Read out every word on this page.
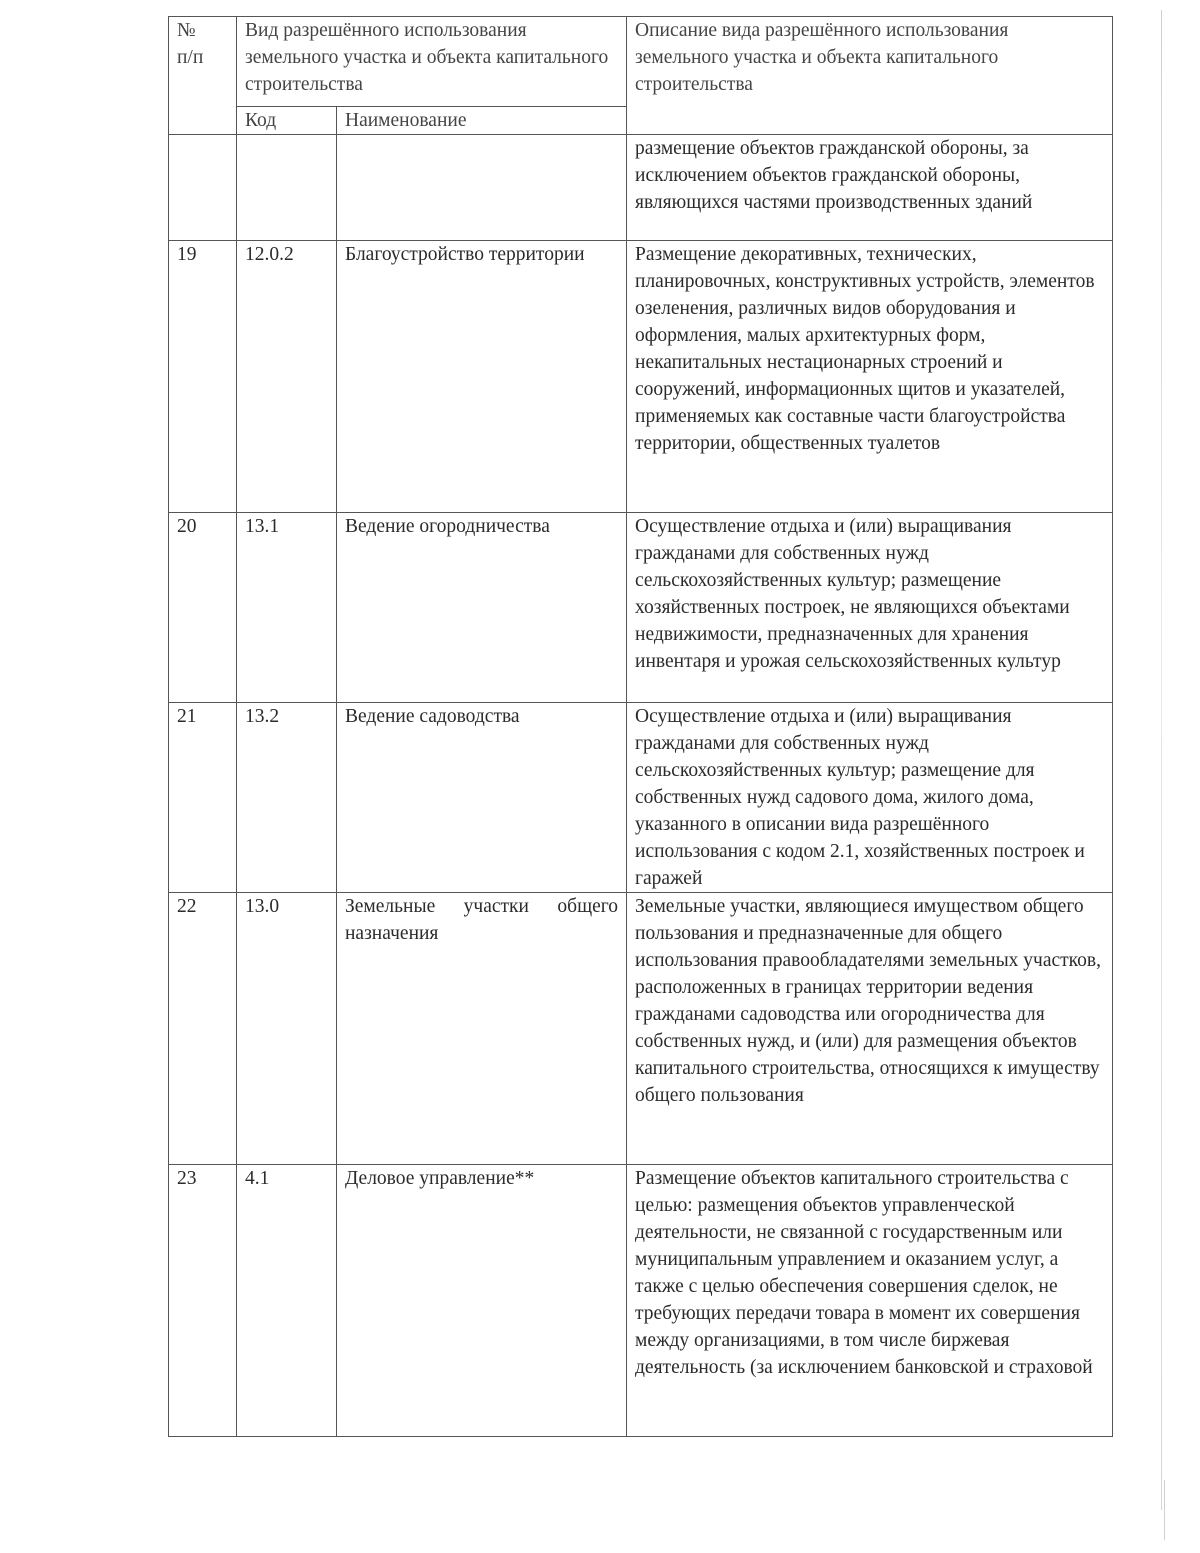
№
п/п	Вид разрешённого использования земельного участка и объекта капитального строительства		Описание вида разрешённого использования земельного участка и объекта капитального строительства
	Код	Наименование	
			размещение объектов гражданской обороны, за исключением объектов гражданской обороны, являющихся частями производственных зданий
19	12.0.2	Благоустройство территории	Размещение декоративных, технических, планировочных, конструктивных устройств, элементов озеленения, различных видов оборудования и оформления, малых архитектурных форм, некапитальных нестационарных строений и сооружений, информационных щитов и указателей, применяемых как составные части благоустройства территории, общественных туалетов
20	13.1	Ведение огородничества	Осуществление отдыха и (или) выращивания гражданами для собственных нужд сельскохозяйственных культур; размещение хозяйственных построек, не являющихся объектами недвижимости, предназначенных для хранения инвентаря и урожая сельскохозяйственных культур
21	13.2	Ведение садоводства	Осуществление отдыха и (или) выращивания гражданами для собственных нужд сельскохозяйственных культур; размещение для собственных нужд садового дома, жилого дома, указанного в описании вида разрешённого использования с кодом 2.1, хозяйственных построек и гаражей
22	13.0	Земельные участки общего назначения	Земельные участки, являющиеся имуществом общего пользования и предназначенные для общего использования правообладателями земельных участков, расположенных в границах территории ведения гражданами садоводства или огородничества для собственных нужд, и (или) для размещения объектов капитального строительства, относящихся к имуществу общего пользования
23	4.1	Деловое управление**	Размещение объектов капитального строительства с целью: размещения объектов управленческой деятельности, не связанной с государственным или муниципальным управлением и оказанием услуг, а также с целью обеспечения совершения сделок, не требующих передачи товара в момент их совершения между организациями, в том числе биржевая деятельность (за исключением банковской и страховой
